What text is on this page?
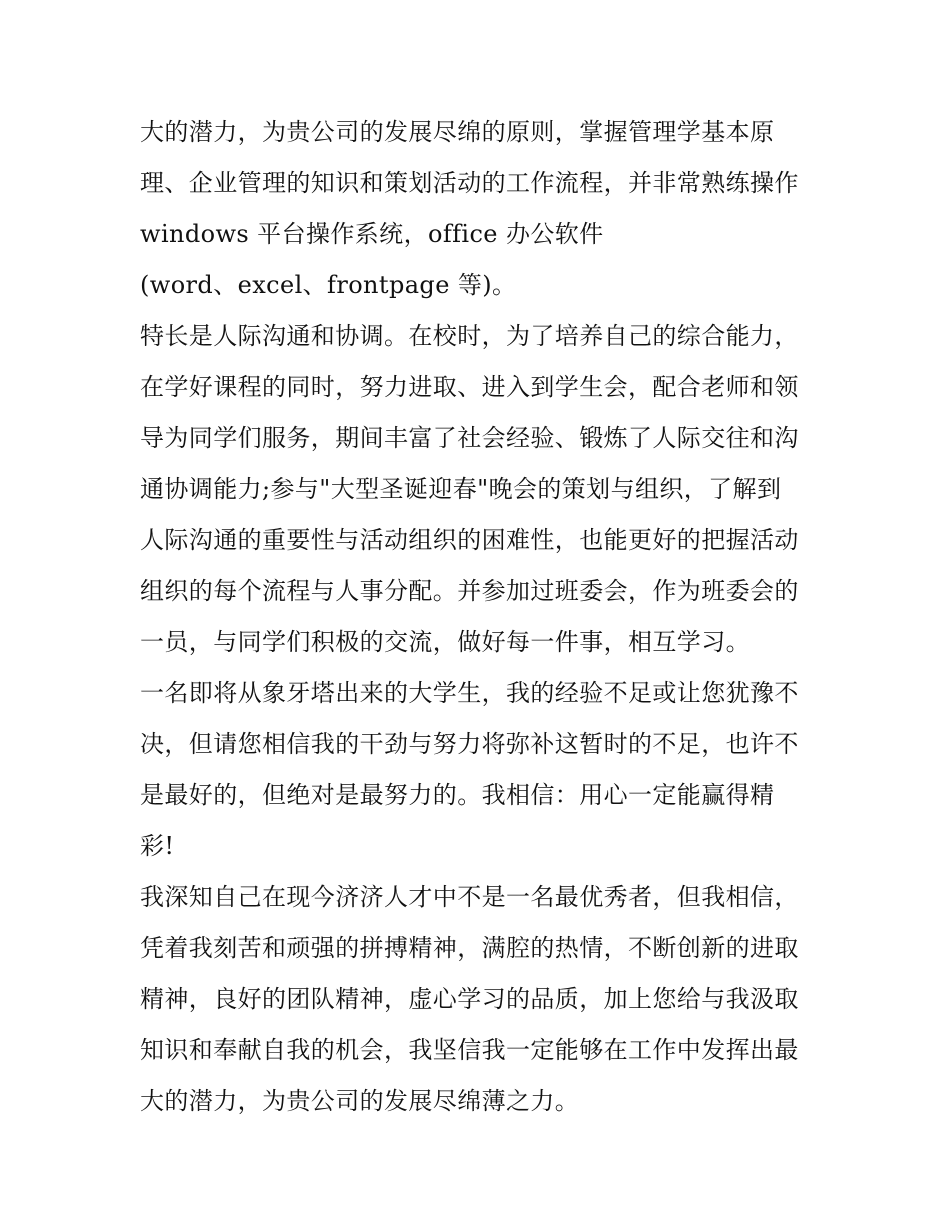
大的潜力，为贵公司的发展尽绵的原则，掌握管理学基本原
理、企业管理的知识和策划活动的工作流程，并非常熟练操作
windows 平台操作系统，office 办公软件
(word、excel、frontpage 等)。
特长是人际沟通和协调。在校时，为了培养自己的综合能力，
在学好课程的同时，努力进取、进入到学生会，配合老师和领
导为同学们服务，期间丰富了社会经验、锻炼了人际交往和沟
通协调能力;参与"大型圣诞迎春"晚会的策划与组织，了解到
人际沟通的重要性与活动组织的困难性，也能更好的把握活动
组织的每个流程与人事分配。并参加过班委会，作为班委会的
一员，与同学们积极的交流，做好每一件事，相互学习。
一名即将从象牙塔出来的大学生，我的经验不足或让您犹豫不
决，但请您相信我的干劲与努力将弥补这暂时的不足，也许不
是最好的，但绝对是最努力的。我相信：用心一定能赢得精
彩!
我深知自己在现今济济人才中不是一名最优秀者，但我相信，
凭着我刻苦和顽强的拼搏精神，满腔的热情，不断创新的进取
精神，良好的团队精神，虚心学习的品质，加上您给与我汲取
知识和奉献自我的机会，我坚信我一定能够在工作中发挥出最
大的潜力，为贵公司的发展尽绵薄之力。
